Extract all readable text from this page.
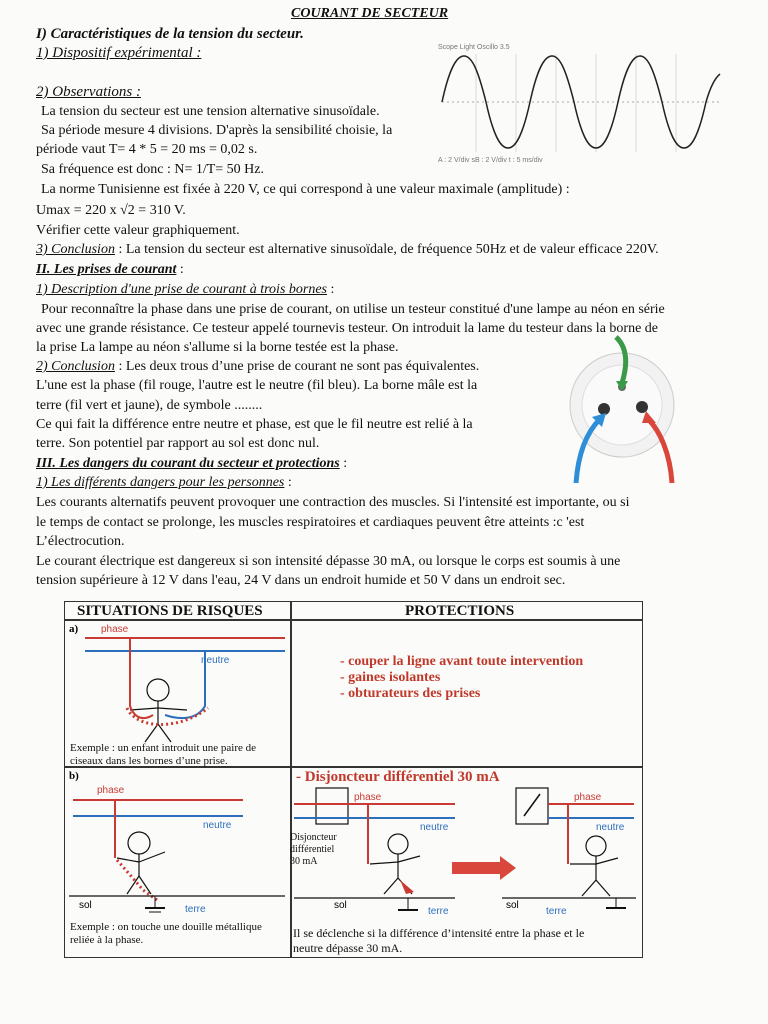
COURANT DE SECTEUR
I) Caractéristiques de la tension du secteur.
1) Dispositif expérimental :
2) Observations :
La tension du secteur est une tension alternative sinusoïdale.
Sa période mesure 4 divisions. D'après la sensibilité choisie, la
période vaut T= 4 * 5 = 20 ms = 0,02 s.
Sa fréquence est donc : N= 1/T= 50 Hz.
La norme Tunisienne est fixée à 220 V, ce qui correspond à une valeur maximale (amplitude) :
Umax = 220 x √2 = 310 V.
Vérifier cette valeur graphiquement.
3) Conclusion : La tension du secteur est alternative sinusoïdale, de fréquence 50Hz et de valeur efficace 220V.
Scope Light Oscillo 3.5
A : 2 V/div sB : 2 V/div t : 5 ms/div
II. Les prises de courant :
1) Description d'une prise de courant à trois bornes :
Pour reconnaître la phase dans une prise de courant, on utilise un testeur constitué d'une lampe au néon en série
avec une grande résistance. Ce testeur appelé tournevis testeur. On introduit la lame du testeur dans la borne de
la prise La lampe au néon s'allume si la borne testée est la phase.
2) Conclusion : Les deux trous d’une prise de courant ne sont pas équivalentes.
L'une est la phase (fil rouge, l'autre est le neutre (fil bleu). La borne mâle est la
terre (fil vert et jaune), de symbole ........
Ce qui fait la différence entre neutre et phase, est que le fil neutre est relié à la
terre. Son potentiel par rapport au sol est donc nul.
III. Les dangers du courant du secteur et protections :
1) Les différents dangers pour les personnes :
Les courants alternatifs peuvent provoquer une contraction des muscles. Si l'intensité est importante, ou si
le temps de contact se prolonge, les muscles respiratoires et cardiaques peuvent être atteints :c 'est
L’électrocution.
Le courant électrique est dangereux si son intensité dépasse 30 mA, ou lorsque le corps est soumis à une
tension supérieure à 12 V dans l'eau, 24 V dans un endroit humide et 50 V dans un endroit sec.
SITUATIONS DE RISQUES	PROTECTIONS
a) phase
neutre
Exemple : un enfant introduit une paire de
ciseaux dans les bornes d’une prise.
- couper la ligne avant toute intervention
- gaines isolantes
- obturateurs des prises
b)
phase
neutre
sol	terre
Exemple : on touche une douille métallique
reliée à la phase.
- Disjoncteur différentiel 30 mA
phase
neutre
sol
terre
phase
neutre
sol
terre
Disjoncteur
différentiel
30 mA
Il se déclenche si la différence d’intensité entre la phase et le
neutre dépasse 30 mA.
